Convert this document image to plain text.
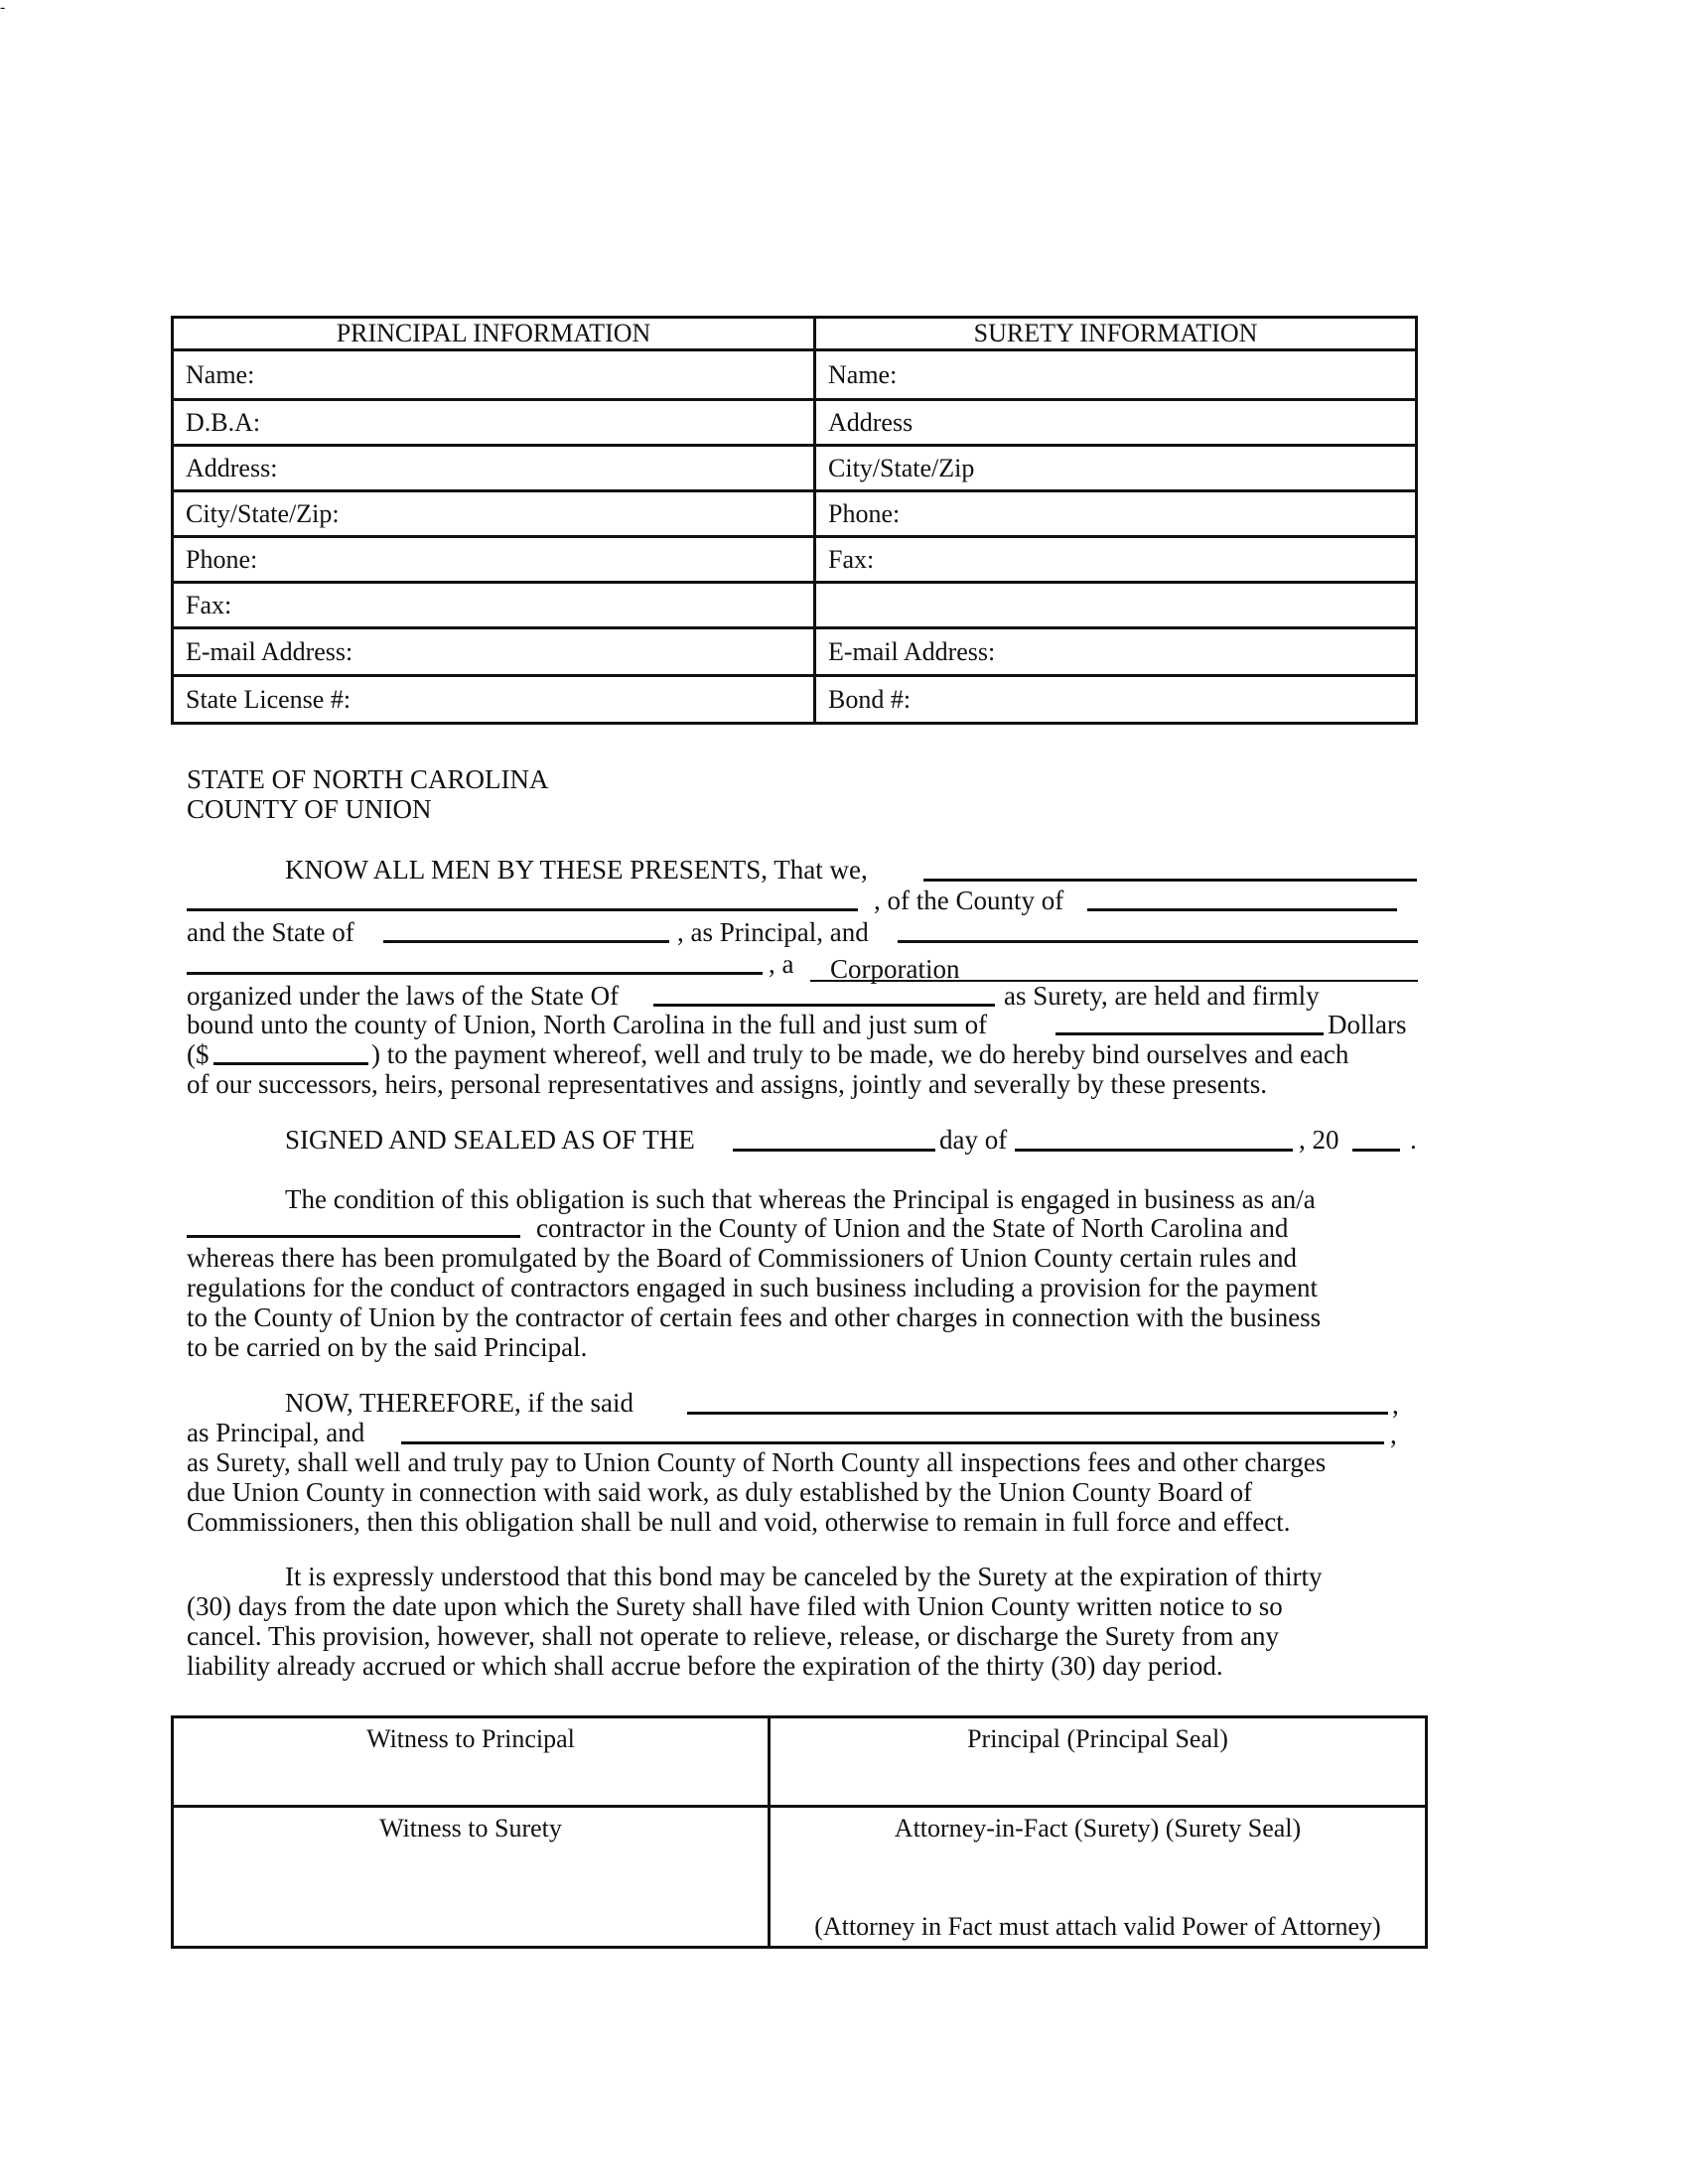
-
PRINCIPAL INFORMATION	SURETY INFORMATION
Name:	Name:
D.B.A:	Address
Address:	City/State/Zip
City/State/Zip:	Phone:
Phone:	Fax:
Fax:	
E-mail Address:	E-mail Address:
State License #:	Bond #:
STATE OF NORTH CAROLINA
COUNTY OF UNION
KNOW ALL MEN BY THESE PRESENTS, That we,
, of the County of
and the State of	, as Principal, and
, a Corporation
organized under the laws of the State Of	as Surety, are held and firmly
bound unto the county of Union, North Carolina in the full and just sum of	Dollars
($	) to the payment whereof, well and truly to be made, we do hereby bind ourselves and each
of our successors, heirs, personal representatives and assigns, jointly and severally by these presents.
SIGNED AND SEALED AS OF THE	day of	, 20	.
The condition of this obligation is such that whereas the Principal is engaged in business as an/a
contractor in the County of Union and the State of North Carolina and
whereas there has been promulgated by the Board of Commissioners of Union County certain rules and
regulations for the conduct of contractors engaged in such business including a provision for the payment
to the County of Union by the contractor of certain fees and other charges in connection with the business
to be carried on by the said Principal.
NOW, THEREFORE, if the said	,
as Principal, and	,
as Surety, shall well and truly pay to Union County of North County all inspections fees and other charges
due Union County in connection with said work, as duly established by the Union County Board of
Commissioners, then this obligation shall be null and void, otherwise to remain in full force and effect.
It is expressly understood that this bond may be canceled by the Surety at the expiration of thirty
(30) days from the date upon which the Surety shall have filed with Union County written notice to so
cancel. This provision, however, shall not operate to relieve, release, or discharge the Surety from any
liability already accrued or which shall accrue before the expiration of the thirty (30) day period.
Witness to Principal	Principal (Principal Seal)
Witness to Surety	Attorney-in-Fact (Surety) (Surety Seal)
(Attorney in Fact must attach valid Power of Attorney)
